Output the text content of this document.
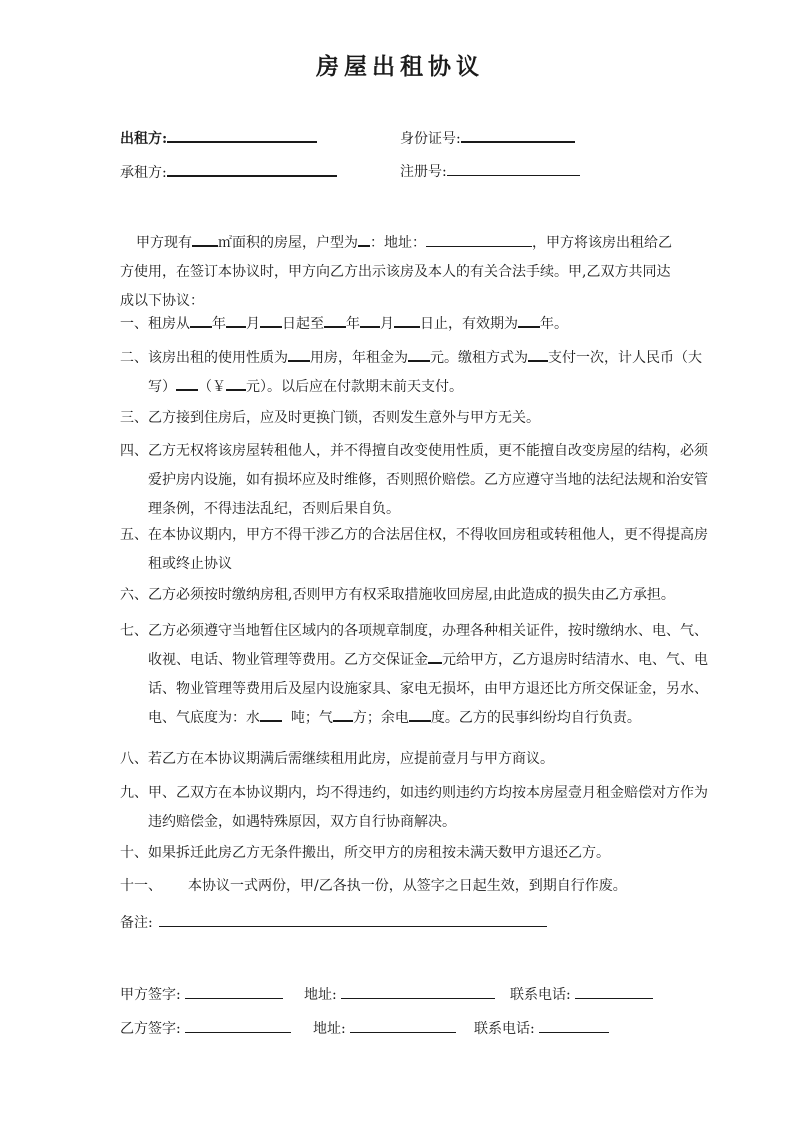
房屋出租协议
出租方:	身份证号:
承租方:	注册号:
甲方现有 ㎡面积的房屋，户型为 ：地址：	，甲方将该房出租给乙方使用，在签订本协议时，甲方向乙方出示该房及本人的有关合法手续。甲,乙双方共同达成以下协议：
一、租房从 年 月 日起至 年 月 日止，有效期为 年。
二、该房出租的使用性质为 用房，年租金为 元。缴租方式为 支付一次，计人民币（大写） （￥ 元）。以后应在付款期末前天支付。
三、乙方接到住房后，应及时更换门锁，否则发生意外与甲方无关。
四、乙方无权将该房屋转租他人，并不得擅自改变使用性质，更不能擅自改变房屋的结构，必须爱护房内设施，如有损坏应及时维修，否则照价赔偿。乙方应遵守当地的法纪法规和治安管理条例，不得违法乱纪，否则后果自负。
五、在本协议期内，甲方不得干涉乙方的合法居住权，不得收回房租或转租他人，更不得提高房租或终止协议
六、乙方必须按时缴纳房租,否则甲方有权采取措施收回房屋,由此造成的损失由乙方承担。
七、乙方必须遵守当地暂住区域内的各项规章制度，办理各种相关证件，按时缴纳水、电、气、收视、电话、物业管理等费用。乙方交保证金 元给甲方，乙方退房时结清水、电、气、电话、物业管理等费用后及屋内设施家具、家电无损坏，由甲方退还比方所交保证金，另水、电、气底度为：水 吨；气 方；余电 度。乙方的民事纠纷均自行负责。
八、若乙方在本协议期满后需继续租用此房，应提前壹月与甲方商议。
九、甲、乙双方在本协议期内，均不得违约，如违约则违约方均按本房屋壹月租金赔偿对方作为违约赔偿金，如遇特殊原因，双方自行协商解决。
十、如果拆迁此房乙方无条件搬出，所交甲方的房租按未满天数甲方退还乙方。
十一、 本协议一式两份，甲/乙各执一份，从签字之日起生效，到期自行作废。
备注:
甲方签字:	地址:	联系电话:
乙方签字:	地址:	联系电话:
